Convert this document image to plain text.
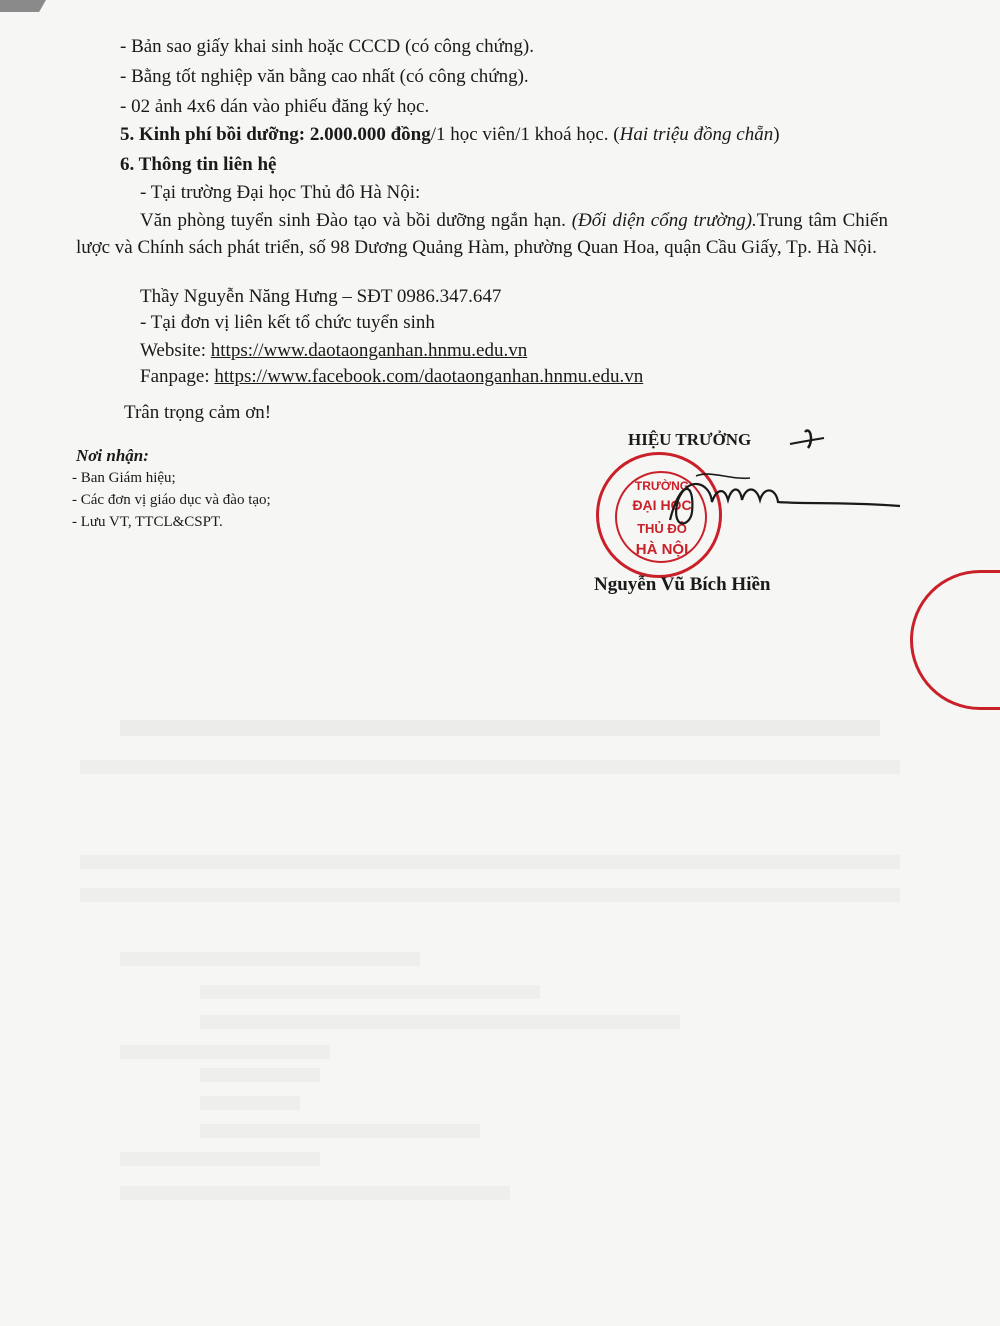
- Bản sao giấy khai sinh hoặc CCCD (có công chứng).
- Bằng tốt nghiệp văn bằng cao nhất (có công chứng).
- 02 ảnh 4x6 dán vào phiếu đăng ký học.
5. Kinh phí bồi dưỡng: 2.000.000 đồng/1 học viên/1 khoá học. (Hai triệu đồng chẵn)
6. Thông tin liên hệ
- Tại trường Đại học Thủ đô Hà Nội:
Văn phòng tuyển sinh Đào tạo và bồi dưỡng ngắn hạn. (Đối diện cổng trường).Trung tâm Chiến lược và Chính sách phát triển, số 98 Dương Quảng Hàm, phường Quan Hoa, quận Cầu Giấy, Tp. Hà Nội.
Thầy Nguyễn Năng Hưng – SĐT 0986.347.647
- Tại đơn vị liên kết tổ chức tuyển sinh
Website: https://www.daotaonganhan.hnmu.edu.vn
Fanpage: https://www.facebook.com/daotaonganhan.hnmu.edu.vn
Trân trọng cảm ơn!
Nơi nhận:
- Ban Giám hiệu;
- Các đơn vị giáo dục và đào tạo;
- Lưu VT, TTCL&CSPT.
HIỆU TRƯỞNG
TRƯỜNG
ĐẠI HỌC
THỦ ĐÔ
HÀ NỘI
Nguyễn Vũ Bích Hiền
